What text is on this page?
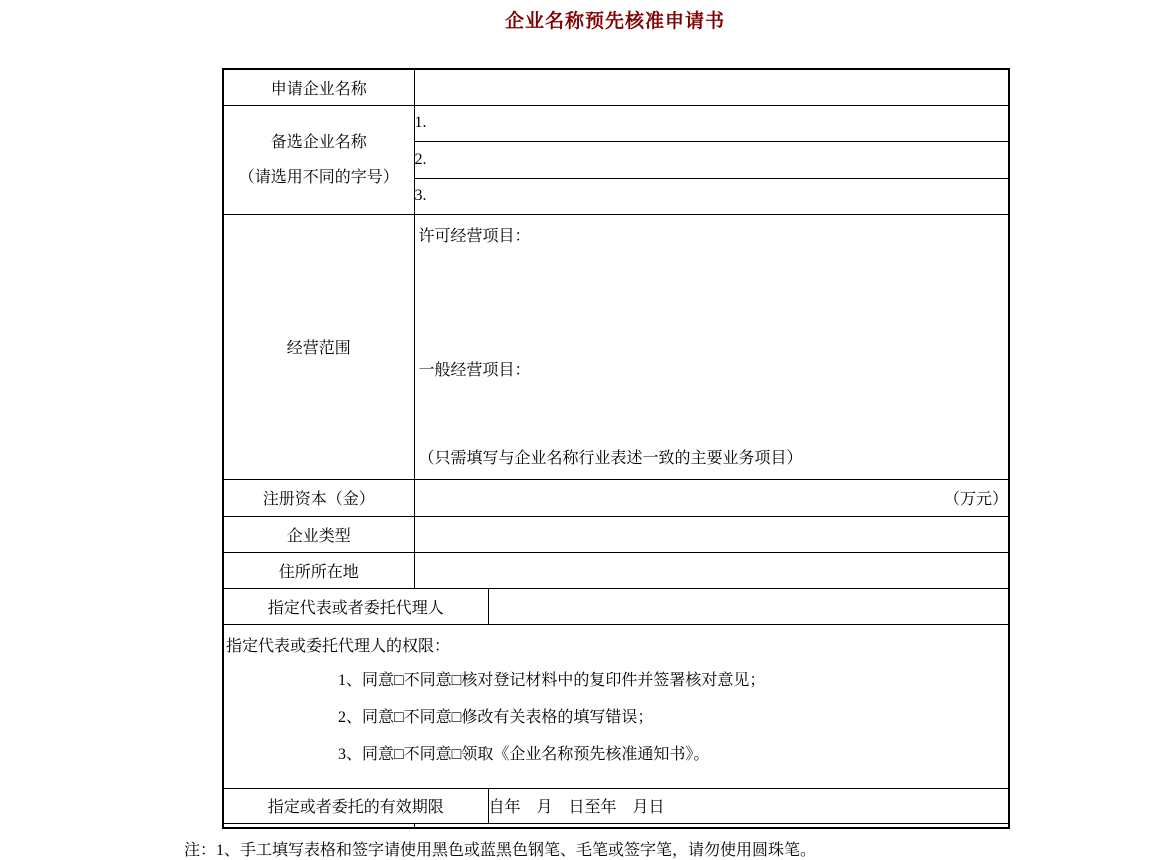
企业名称预先核准申请书
申请企业名称		

备选企业名称
（请选用不同的字号）	1.	
	2.	
	3.	
经营范围	许可经营项目：
一般经营项目：
（只需填写与企业名称行业表述一致的主要业务项目）	

注册资本（金）	（万元）	
企业类型		
住所所在地		
指定代表或者委托代理人		

指定代表或委托代理人的权限：
1、同意□不同意□核对登记材料中的复印件并签署核对意见；
2、同意□不同意□修改有关表格的填写错误；
3、同意□不同意□领取《企业名称预先核准通知书》。		

指定或者委托的有效期限		自年　月　日至年　月日

注：1、手工填写表格和签字请使用黑色或蓝黑色钢笔、毛笔或签字笔，请勿使用圆珠笔。
